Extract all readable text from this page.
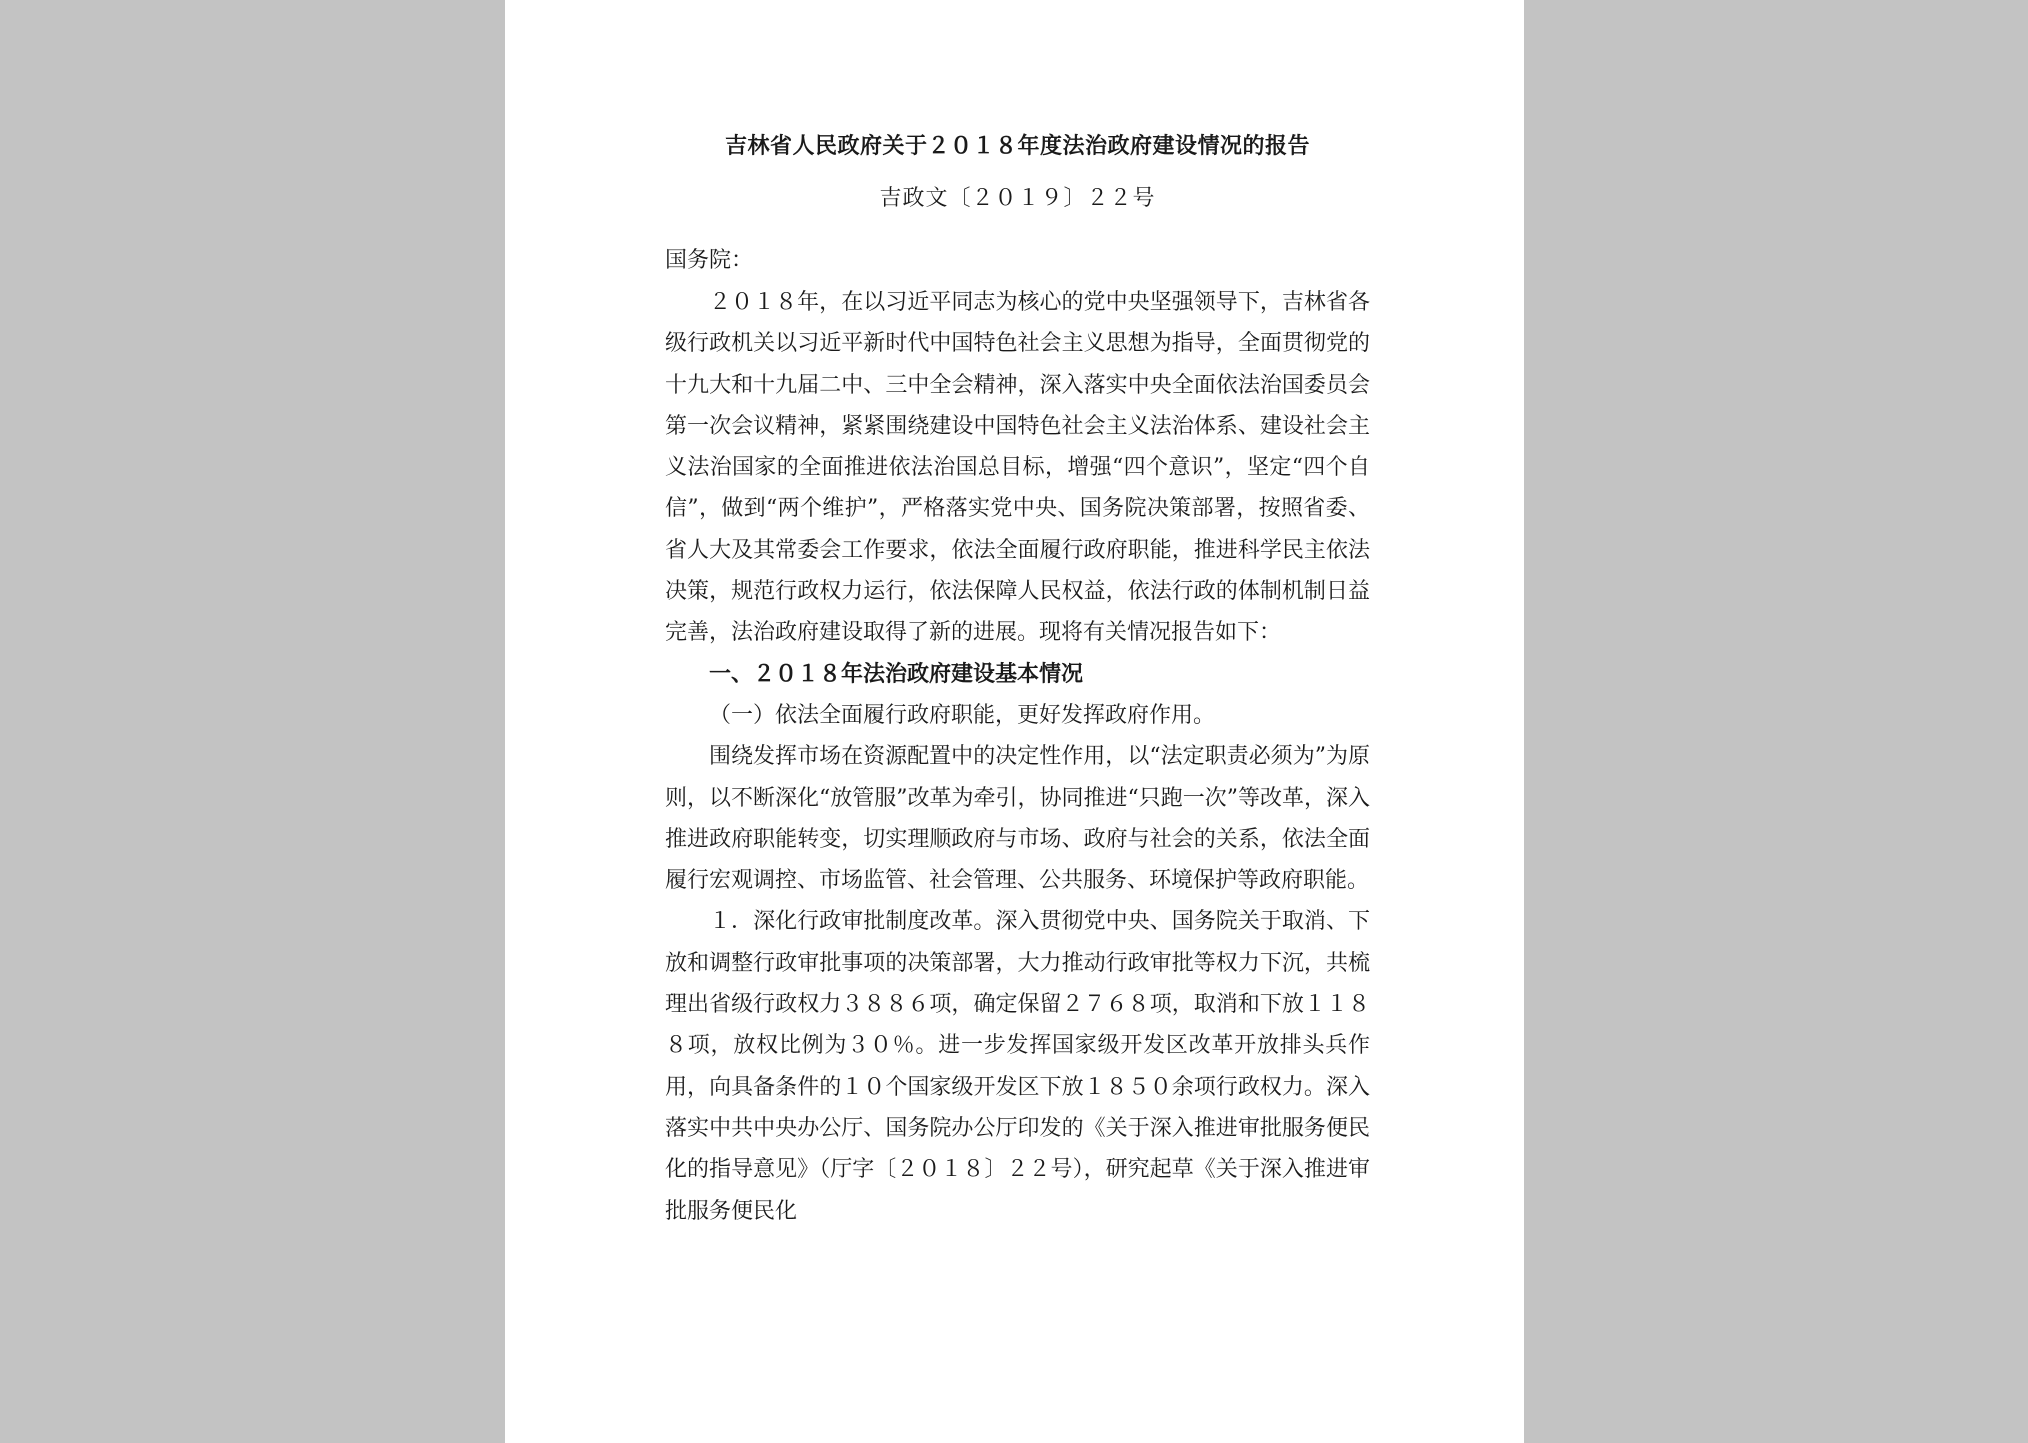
吉林省人民政府关于２０１８年度法治政府建设情况的报告
吉政文〔２０１９〕２２号
国务院：

２０１８年，在以习近平同志为核心的党中央坚强领导下，吉林省各级行政机关以习近平新时代中国特色社会主义思想为指导，全面贯彻党的十九大和十九届二中、三中全会精神，深入落实中央全面依法治国委员会第一次会议精神，紧紧围绕建设中国特色社会主义法治体系、建设社会主义法治国家的全面推进依法治国总目标，增强“四个意识”，坚定“四个自信”，做到“两个维护”，严格落实党中央、国务院决策部署，按照省委、省人大及其常委会工作要求，依法全面履行政府职能，推进科学民主依法决策，规范行政权力运行，依法保障人民权益，依法行政的体制机制日益完善，法治政府建设取得了新的进展。现将有关情况报告如下：

一、２０１８年法治政府建设基本情况

（一）依法全面履行政府职能，更好发挥政府作用。

围绕发挥市场在资源配置中的决定性作用，以“法定职责必须为”为原则，以不断深化“放管服”改革为牵引，协同推进“只跑一次”等改革，深入推进政府职能转变，切实理顺政府与市场、政府与社会的关系，依法全面履行宏观调控、市场监管、社会管理、公共服务、环境保护等政府职能。

１．深化行政审批制度改革。深入贯彻党中央、国务院关于取消、下放和调整行政审批事项的决策部署，大力推动行政审批等权力下沉，共梳理出省级行政权力３８８６项，确定保留２７６８项，取消和下放１１８８项，放权比例为３０％。进一步发挥国家级开发区改革开放排头兵作用，向具备条件的１０个国家级开发区下放１８５０余项行政权力。深入落实中共中央办公厅、国务院办公厅印发的《关于深入推进审批服务便民化的指导意见》（厅字〔２０１８〕２２号），研究起草《关于深入推进审批服务便民化
